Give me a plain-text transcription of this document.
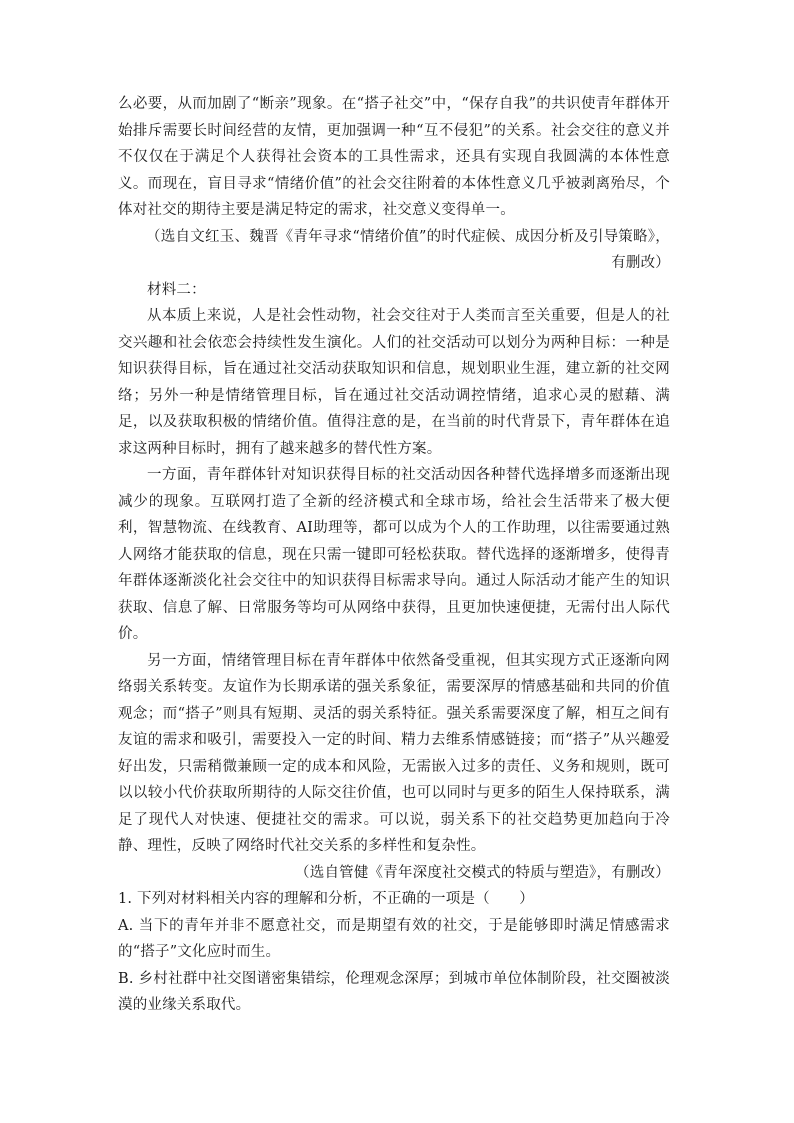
么必要，从而加剧了“断亲”现象。在“搭子社交”中，“保存自我”的共识使青年群体开始排斥需要长时间经营的友情，更加强调一种“互不侵犯”的关系。社会交往的意义并不仅仅在于满足个人获得社会资本的工具性需求，还具有实现自我圆满的本体性意义。而现在，盲目寻求“情绪价值”的社会交往附着的本体性意义几乎被剥离殆尽，个体对社交的期待主要是满足特定的需求，社交意义变得单一。

（选自文红玉、魏晋《青年寻求“情绪价值”的时代症候、成因分析及引导策略》，有删改）

材料二：

从本质上来说，人是社会性动物，社会交往对于人类而言至关重要，但是人的社交兴趣和社会依恋会持续性发生演化。人们的社交活动可以划分为两种目标：一种是知识获得目标，旨在通过社交活动获取知识和信息，规划职业生涯，建立新的社交网络；另外一种是情绪管理目标，旨在通过社交活动调控情绪，追求心灵的慰藉、满足，以及获取积极的情绪价值。值得注意的是，在当前的时代背景下，青年群体在追求这两种目标时，拥有了越来越多的替代性方案。

一方面，青年群体针对知识获得目标的社交活动因各种替代选择增多而逐渐出现减少的现象。互联网打造了全新的经济模式和全球市场，给社会生活带来了极大便利，智慧物流、在线教育、AI助理等，都可以成为个人的工作助理，以往需要通过熟人网络才能获取的信息，现在只需一键即可轻松获取。替代选择的逐渐增多，使得青年群体逐渐淡化社会交往中的知识获得目标需求导向。通过人际活动才能产生的知识获取、信息了解、日常服务等均可从网络中获得，且更加快速便捷，无需付出人际代价。

另一方面，情绪管理目标在青年群体中依然备受重视，但其实现方式正逐渐向网络弱关系转变。友谊作为长期承诺的强关系象征，需要深厚的情感基础和共同的价值观念；而“搭子”则具有短期、灵活的弱关系特征。强关系需要深度了解，相互之间有友谊的需求和吸引，需要投入一定的时间、精力去维系情感链接；而“搭子”从兴趣爱好出发，只需稍微兼顾一定的成本和风险，无需嵌入过多的责任、义务和规则，既可以以较小代价获取所期待的人际交往价值，也可以同时与更多的陌生人保持联系，满足了现代人对快速、便捷社交的需求。可以说，弱关系下的社交趋势更加趋向于冷静、理性，反映了网络时代社交关系的多样性和复杂性。

（选自管健《青年深度社交模式的特质与塑造》，有删改）

1. 下列对材料相关内容的理解和分析，不正确的一项是（　　）

A. 当下的青年并非不愿意社交，而是期望有效的社交，于是能够即时满足情感需求的“搭子”文化应时而生。

B. 乡村社群中社交图谱密集错综，伦理观念深厚；到城市单位体制阶段，社交圈被淡漠的业缘关系取代。
